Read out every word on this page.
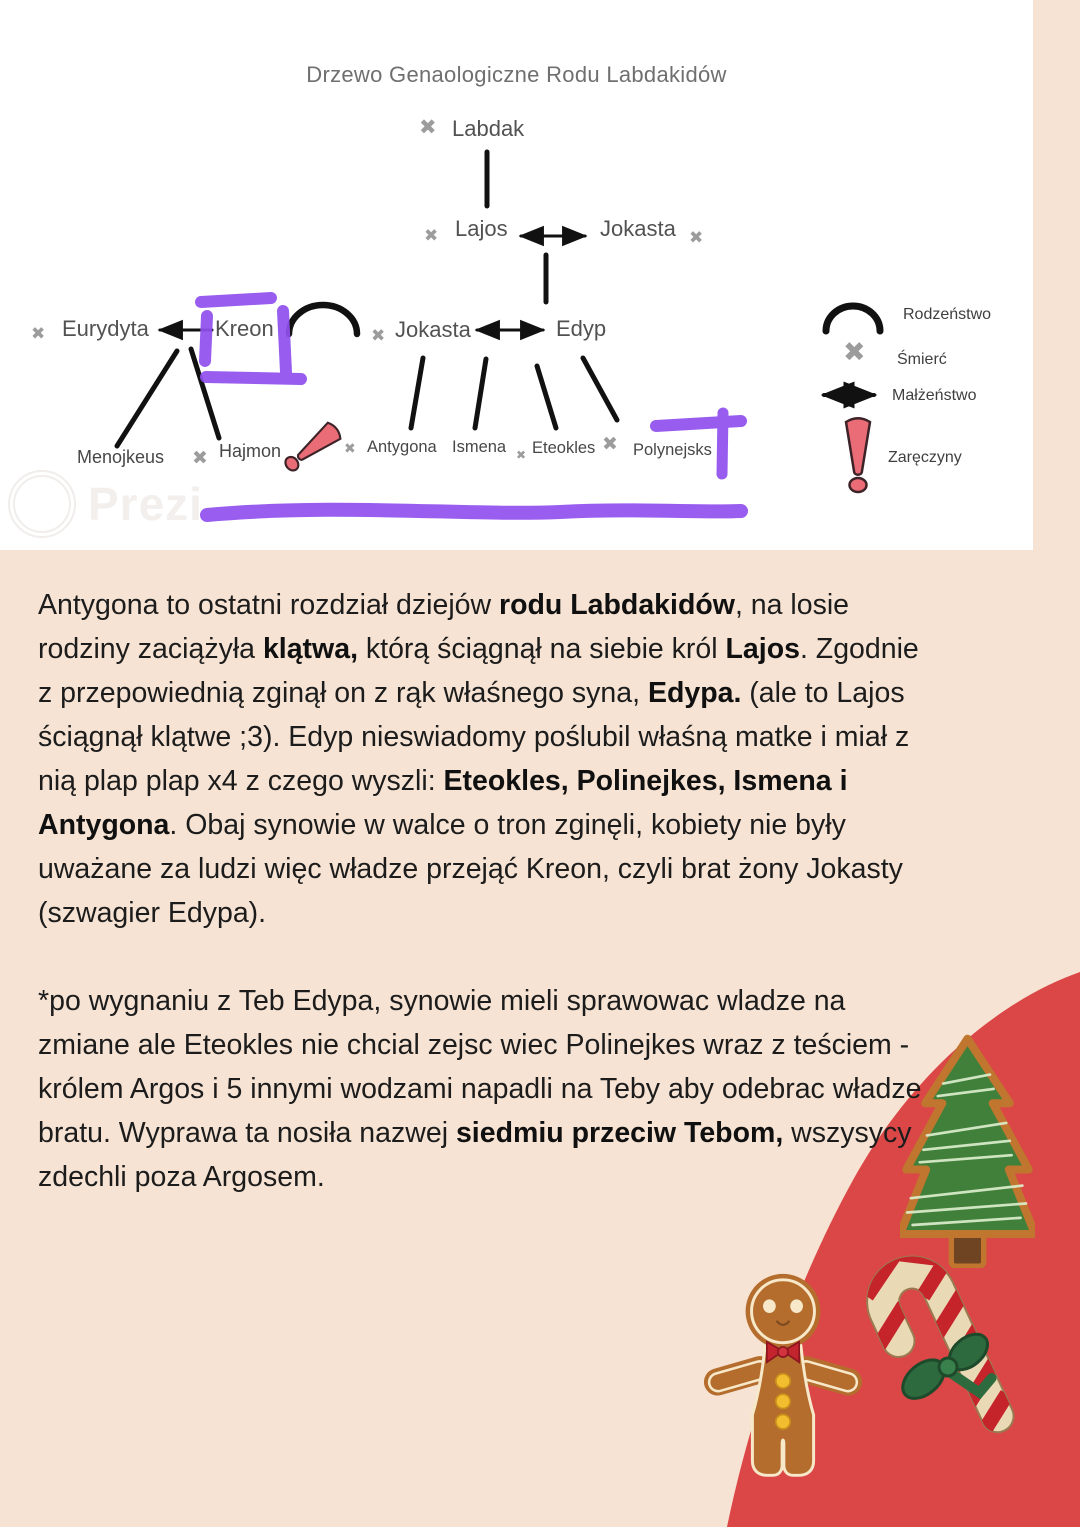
Drzewo Genaologiczne Rodu Labdakidów
✖
✖	✖
✖	✖
✖	✖	✖	✖
✖
Labdak
Lajos	Jokasta
Eurydyta	Kreon	Jokasta	Edyp
Menojkeus	Hajmon	Antygona Ismena Eteokles Polynejsks
Rodzeństwo
Śmierć
Małżeństwo
Zaręczyny
Prezi

Antygona to ostatni rozdział dziejów rodu Labdakidów, na losie rodziny zaciążyła klątwa, którą ściągnął na siebie król Lajos. Zgodnie z przepowiednią zginął on z rąk właśnego syna, Edypa. (ale to Lajos ściągnął klątwe ;3). Edyp nieswiadomy poślubil właśną matke i miał z nią plap plap x4 z czego wyszli: Eteokles, Polinejkes, Ismena i Antygona. Obaj synowie w walce o tron zginęli, kobiety nie były uważane za ludzi więc władze przejąć Kreon, czyli brat żony Jokasty (szwagier Edypa).

*po wygnaniu z Teb Edypa, synowie mieli sprawowac wladze na zmiane ale Eteokles nie chcial zejsc wiec Polinejkes wraz z teściem - królem Argos i 5 innymi wodzami napadli na Teby aby odebrac władze bratu. Wyprawa ta nosiła nazwej siedmiu przeciw Tebom, wszysycy zdechli poza Argosem.
